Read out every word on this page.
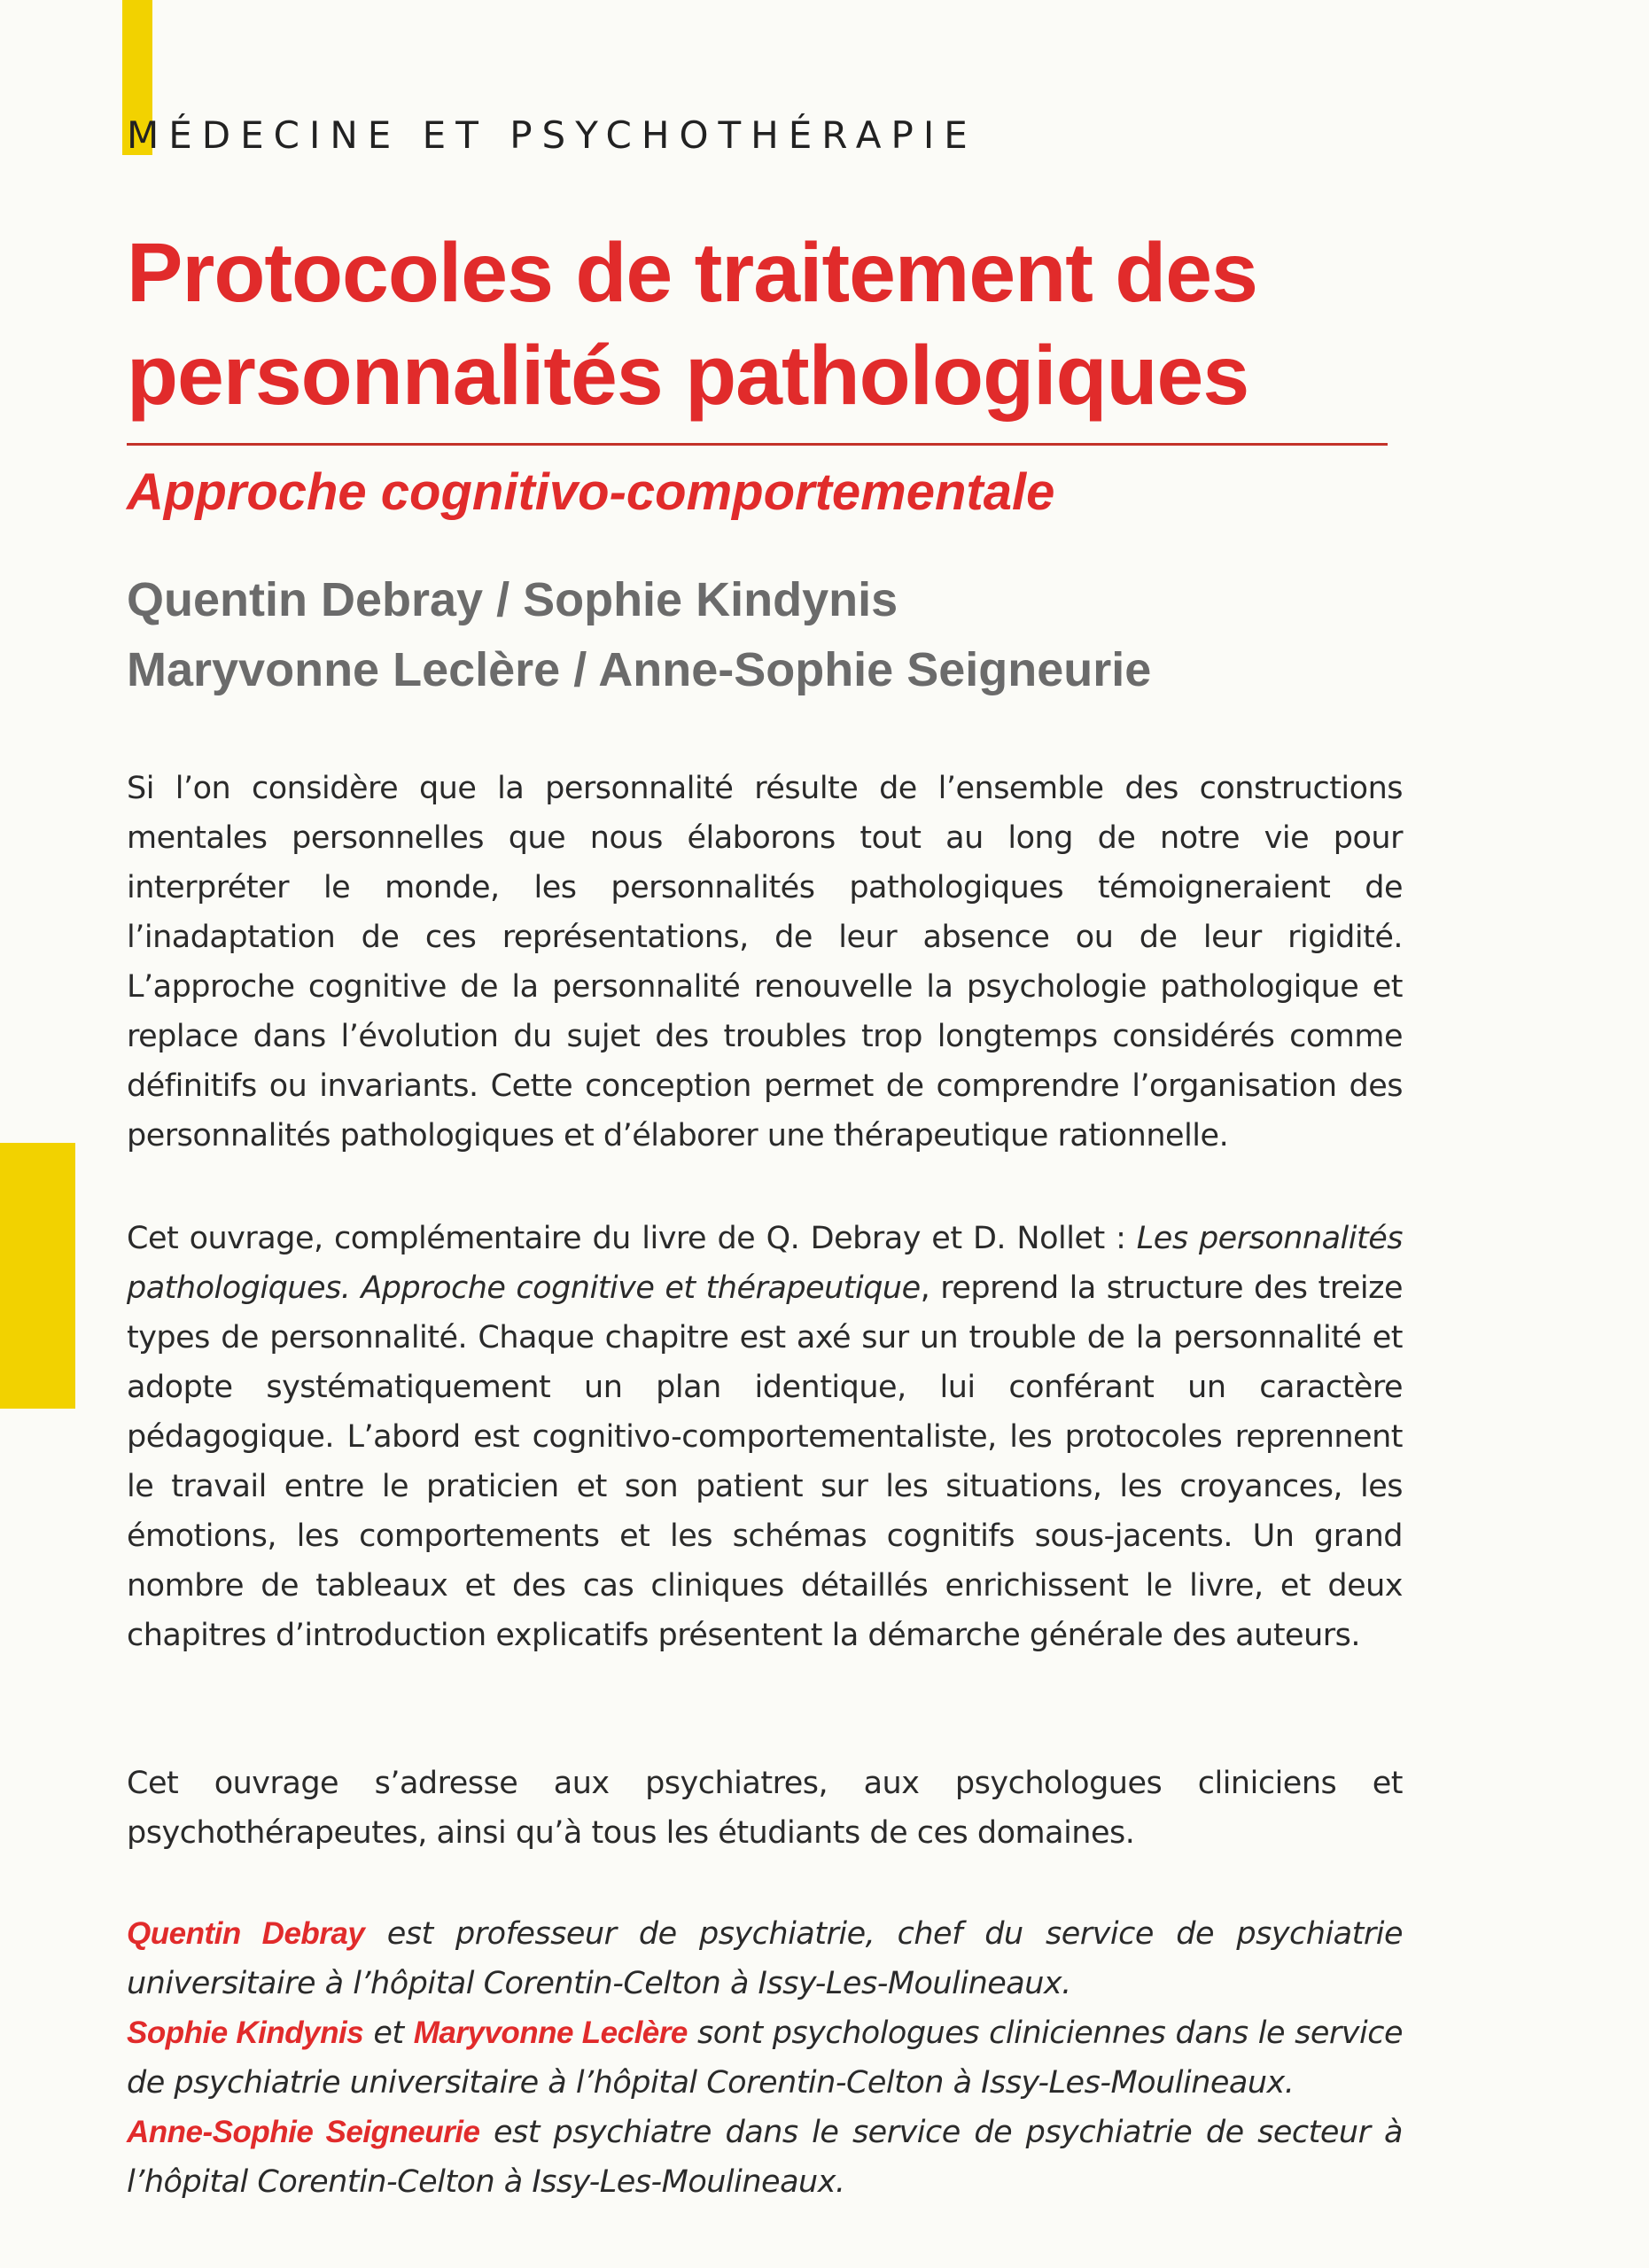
MÉDECINE ET PSYCHOTHÉRAPIE
Protocoles de traitement des
personnalités pathologiques
Approche cognitivo-comportementale
Quentin Debray / Sophie Kindynis
Maryvonne Leclère / Anne-Sophie Seigneurie
Si l’on considère que la personnalité résulte de l’ensemble des constructions mentales personnelles que nous élaborons tout au long de notre vie pour interpréter le monde, les personnalités pathologiques témoigneraient de l’inadaptation de ces représentations, de leur absence ou de leur rigidité. L’approche cognitive de la personnalité renouvelle la psychologie pathologique et replace dans l’évolution du sujet des troubles trop longtemps considérés comme définitifs ou invariants. Cette conception permet de comprendre l’organisation des personnalités pathologiques et d’élaborer une thérapeutique rationnelle.
Cet ouvrage, complémentaire du livre de Q. Debray et D. Nollet : Les personnalités pathologiques. Approche cognitive et thérapeutique, reprend la structure des treize types de personnalité. Chaque chapitre est axé sur un trouble de la personnalité et adopte systématiquement un plan identique, lui conférant un caractère pédagogique. L’abord est cognitivo-comportementaliste, les protocoles reprennent le travail entre le praticien et son patient sur les situations, les croyances, les émotions, les comportements et les schémas cognitifs sous-jacents. Un grand nombre de tableaux et des cas cliniques détaillés enrichissent le livre, et deux chapitres d’introduction explicatifs présentent la démarche générale des auteurs.
Cet ouvrage s’adresse aux psychiatres, aux psychologues cliniciens et psychothérapeutes, ainsi qu’à tous les étudiants de ces domaines.
Quentin Debray est professeur de psychiatrie, chef du service de psychiatrie universitaire à l’hôpital Corentin-Celton à Issy-Les-Moulineaux.
Sophie Kindynis et Maryvonne Leclère sont psychologues cliniciennes dans le service de psychiatrie universitaire à l’hôpital Corentin-Celton à Issy-Les-Moulineaux.
Anne-Sophie Seigneurie est psychiatre dans le service de psychiatrie de secteur à l’hôpital Corentin-Celton à Issy-Les-Moulineaux.
